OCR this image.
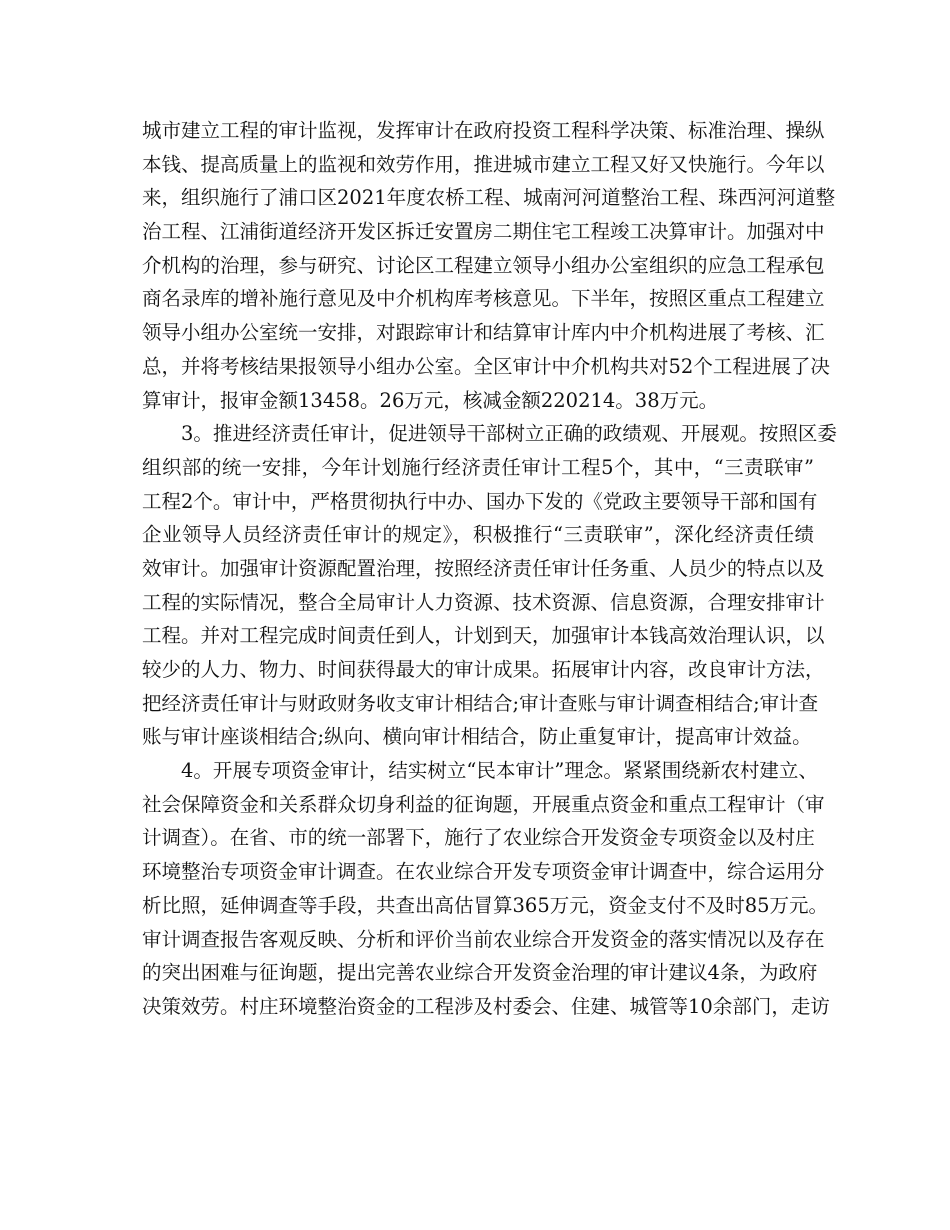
城市建立工程的审计监视，发挥审计在政府投资工程科学决策、标准治理、操纵
本钱、提高质量上的监视和效劳作用，推进城市建立工程又好又快施行。今年以
来，组织施行了浦口区2021年度农桥工程、城南河河道整治工程、珠西河河道整
治工程、江浦街道经济开发区拆迁安置房二期住宅工程竣工决算审计。加强对中
介机构的治理，参与研究、讨论区工程建立领导小组办公室组织的应急工程承包
商名录库的增补施行意见及中介机构库考核意见。下半年，按照区重点工程建立
领导小组办公室统一安排，对跟踪审计和结算审计库内中介机构进展了考核、汇
总，并将考核结果报领导小组办公室。全区审计中介机构共对52个工程进展了决
算审计，报审金额13458。26万元，核减金额220214。38万元。
3。推进经济责任审计，促进领导干部树立正确的政绩观、开展观。按照区委
组织部的统一安排，今年计划施行经济责任审计工程5个，其中，“三责联审”
工程2个。审计中，严格贯彻执行中办、国办下发的《党政主要领导干部和国有
企业领导人员经济责任审计的规定》，积极推行“三责联审”，深化经济责任绩
效审计。加强审计资源配置治理，按照经济责任审计任务重、人员少的特点以及
工程的实际情况，整合全局审计人力资源、技术资源、信息资源，合理安排审计
工程。并对工程完成时间责任到人，计划到天，加强审计本钱高效治理认识，以
较少的人力、物力、时间获得最大的审计成果。拓展审计内容，改良审计方法，
把经济责任审计与财政财务收支审计相结合;审计查账与审计调查相结合;审计查
账与审计座谈相结合;纵向、横向审计相结合，防止重复审计，提高审计效益。
4。开展专项资金审计，结实树立“民本审计”理念。紧紧围绕新农村建立、
社会保障资金和关系群众切身利益的征询题，开展重点资金和重点工程审计（审
计调查）。在省、市的统一部署下，施行了农业综合开发资金专项资金以及村庄
环境整治专项资金审计调查。在农业综合开发专项资金审计调查中，综合运用分
析比照，延伸调查等手段，共查出高估冒算365万元，资金支付不及时85万元。
审计调查报告客观反映、分析和评价当前农业综合开发资金的落实情况以及存在
的突出困难与征询题，提出完善农业综合开发资金治理的审计建议4条，为政府
决策效劳。村庄环境整治资金的工程涉及村委会、住建、城管等10余部门，走访
